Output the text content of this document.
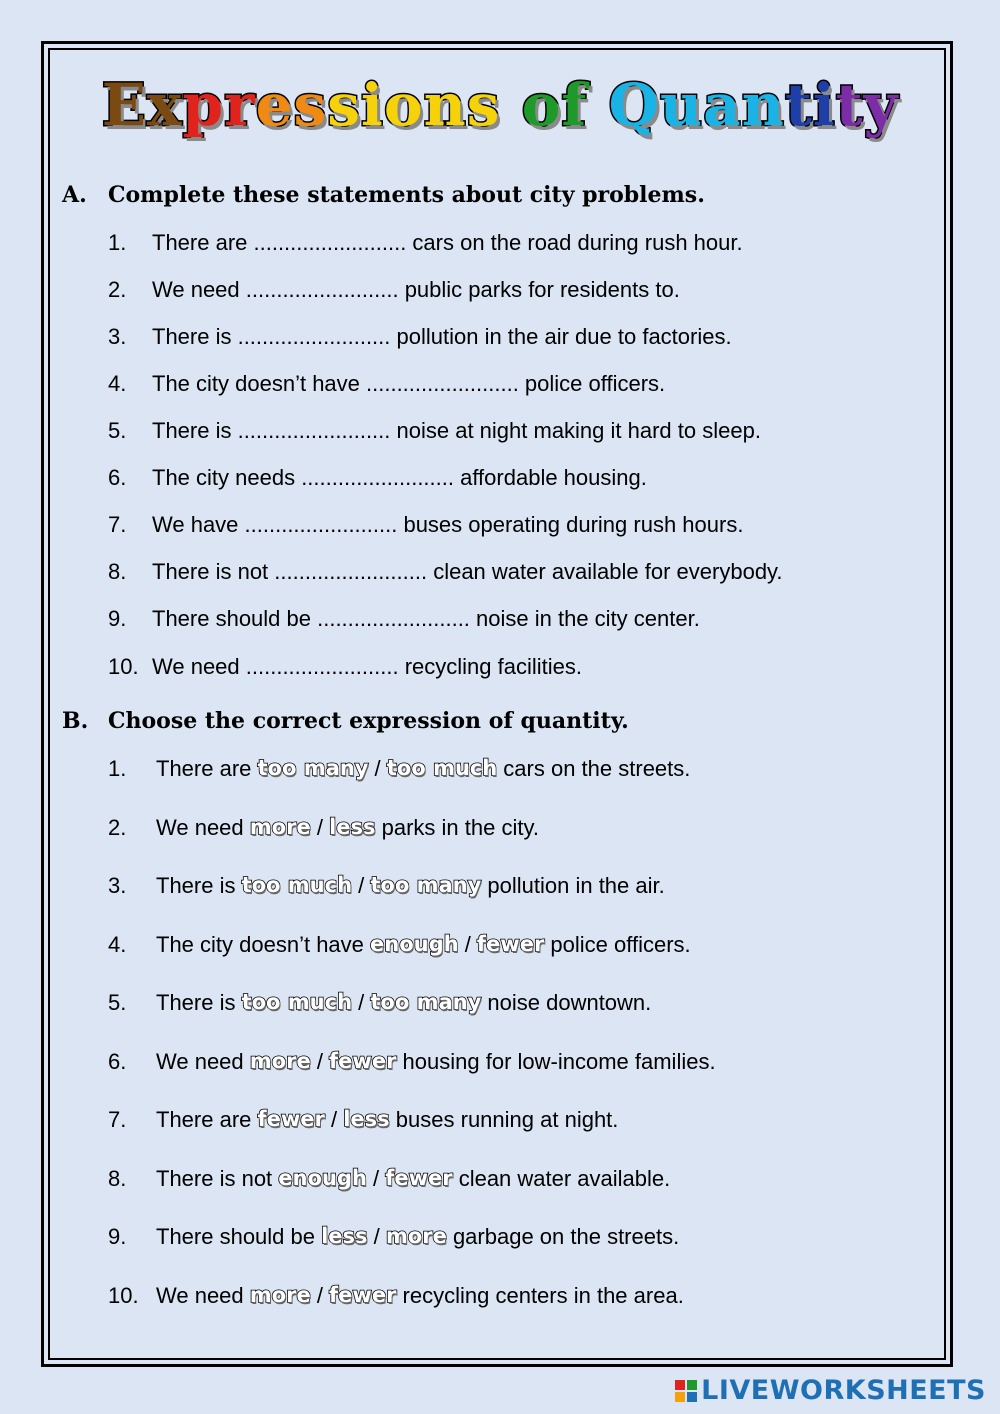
Expressions of Quantity
A. Complete these statements about city problems.
1.	There are ......................... cars on the road during rush hour.
2.	We need ......................... public parks for residents to.
3.	There is ......................... pollution in the air due to factories.
4.	The city doesn’t have ......................... police officers.
5.	There is ......................... noise at night making it hard to sleep.
6.	The city needs ......................... affordable housing.
7.	We have ......................... buses operating during rush hours.
8.	There is not ......................... clean water available for everybody.
9.	There should be ......................... noise in the city center.
10. We need ......................... recycling facilities.
B. Choose the correct expression of quantity.
1.	There are too many / too much cars on the streets.
2.	We need more / less parks in the city.
3.	There is too much / too many pollution in the air.
4.	The city doesn’t have enough / fewer police officers.
5.	There is too much / too many noise downtown.
6.	We need more / fewer housing for low-income families.
7.	There are fewer / less buses running at night.
8.	There is not enough / fewer clean water available.
9.	There should be less / more garbage on the streets.
10. We need more / fewer recycling centers in the area.
LIVEWORKSHEETS
